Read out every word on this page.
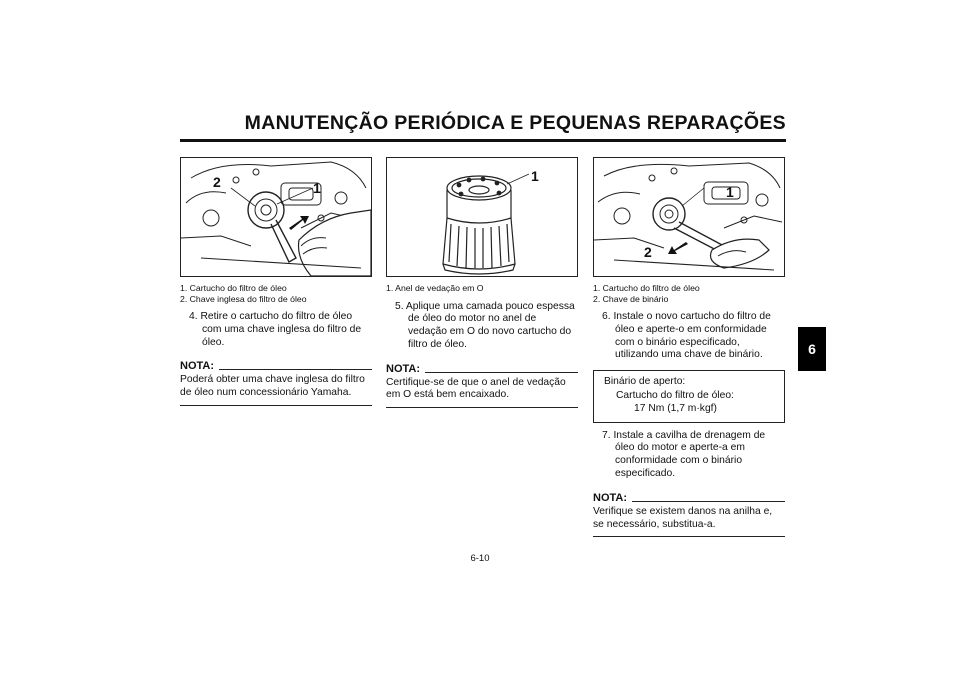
MANUTENÇÃO PERIÓDICA E PEQUENAS REPARAÇÕES
6
2	1
1. Cartucho do filtro de óleo
2. Chave inglesa do filtro de óleo
4. Retire o cartucho do filtro de óleo com uma chave inglesa do filtro de óleo.
NOTA:
Poderá obter uma chave inglesa do filtro de óleo num concessionário Yamaha.
1
1. Anel de vedação em O
5. Aplique uma camada pouco espessa de óleo do motor no anel de vedação em O do novo cartucho do filtro de óleo.
NOTA:
Certifique-se de que o anel de vedação em O está bem encaixado.
1
2
1. Cartucho do filtro de óleo
2. Chave de binário
6. Instale o novo cartucho do filtro de óleo e aperte-o em conformidade com o binário especificado, utilizando uma chave de binário.
Binário de aperto:
Cartucho do filtro de óleo:
17 Nm (1,7 m·kgf)
7. Instale a cavilha de drenagem de óleo do motor e aperte-a em conformidade com o binário especificado.
NOTA:
Verifique se existem danos na anilha e, se necessário, substitua-a.
6-10
